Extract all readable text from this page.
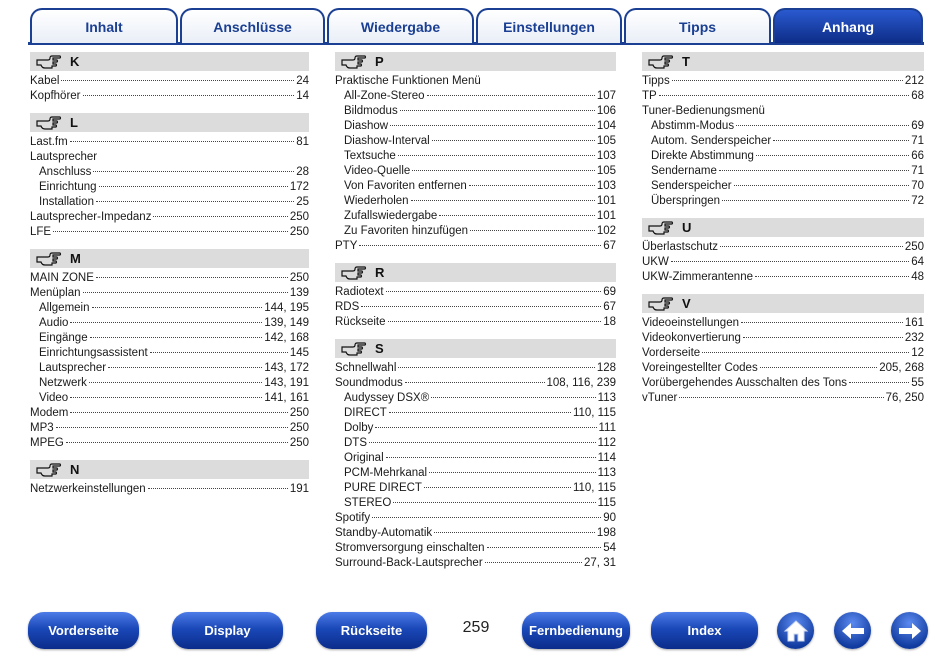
Inhalt	Anschlüsse	Wiedergabe	Einstellungen	Tipps	Anhang
K
Kabel	24
Kopfhörer	14
L
Last.fm	81
Lautsprecher
Anschluss	28
Einrichtung	172
Installation	25
Lautsprecher-Impedanz	250
LFE	250
M
MAIN ZONE	250
Menüplan	139
Allgemein	144, 195
Audio	139, 149
Eingänge	142, 168
Einrichtungsassistent	145
Lautsprecher	143, 172
Netzwerk	143, 191
Video	141, 161
Modem	250
MP3	250
MPEG	250
N
Netzwerkeinstellungen	191
P
Praktische Funktionen Menü
All-Zone-Stereo	107
Bildmodus	106
Diashow	104
Diashow-Interval	105
Textsuche	103
Video-Quelle	105
Von Favoriten entfernen	103
Wiederholen	101
Zufallswiedergabe	101
Zu Favoriten hinzufügen	102
PTY	67
R
Radiotext	69
RDS	67
Rückseite	18
S
Schnellwahl	128
Soundmodus	108, 116, 239
Audyssey DSX®	113
DIRECT	110, 115
Dolby	111
DTS	112
Original	114
PCM-Mehrkanal	113
PURE DIRECT	110, 115
STEREO	115
Spotify	90
Standby-Automatik	198
Stromversorgung einschalten	54
Surround-Back-Lautsprecher	27, 31
T
Tipps	212
TP	68
Tuner-Bedienungsmenü
Abstimm-Modus	69
Autom. Senderspeicher	71
Direkte Abstimmung	66
Sendername	71
Senderspeicher	70
Überspringen	72
U
Überlastschutz	250
UKW	64
UKW-Zimmerantenne	48
V
Videoeinstellungen	161
Videokonvertierung	232
Vorderseite	12
Voreingestellter Codes	205, 268
Vorübergehendes Ausschalten des Tons	55
vTuner	76, 250
Vorderseite	Display	Rückseite	259	Fernbedienung	Index
